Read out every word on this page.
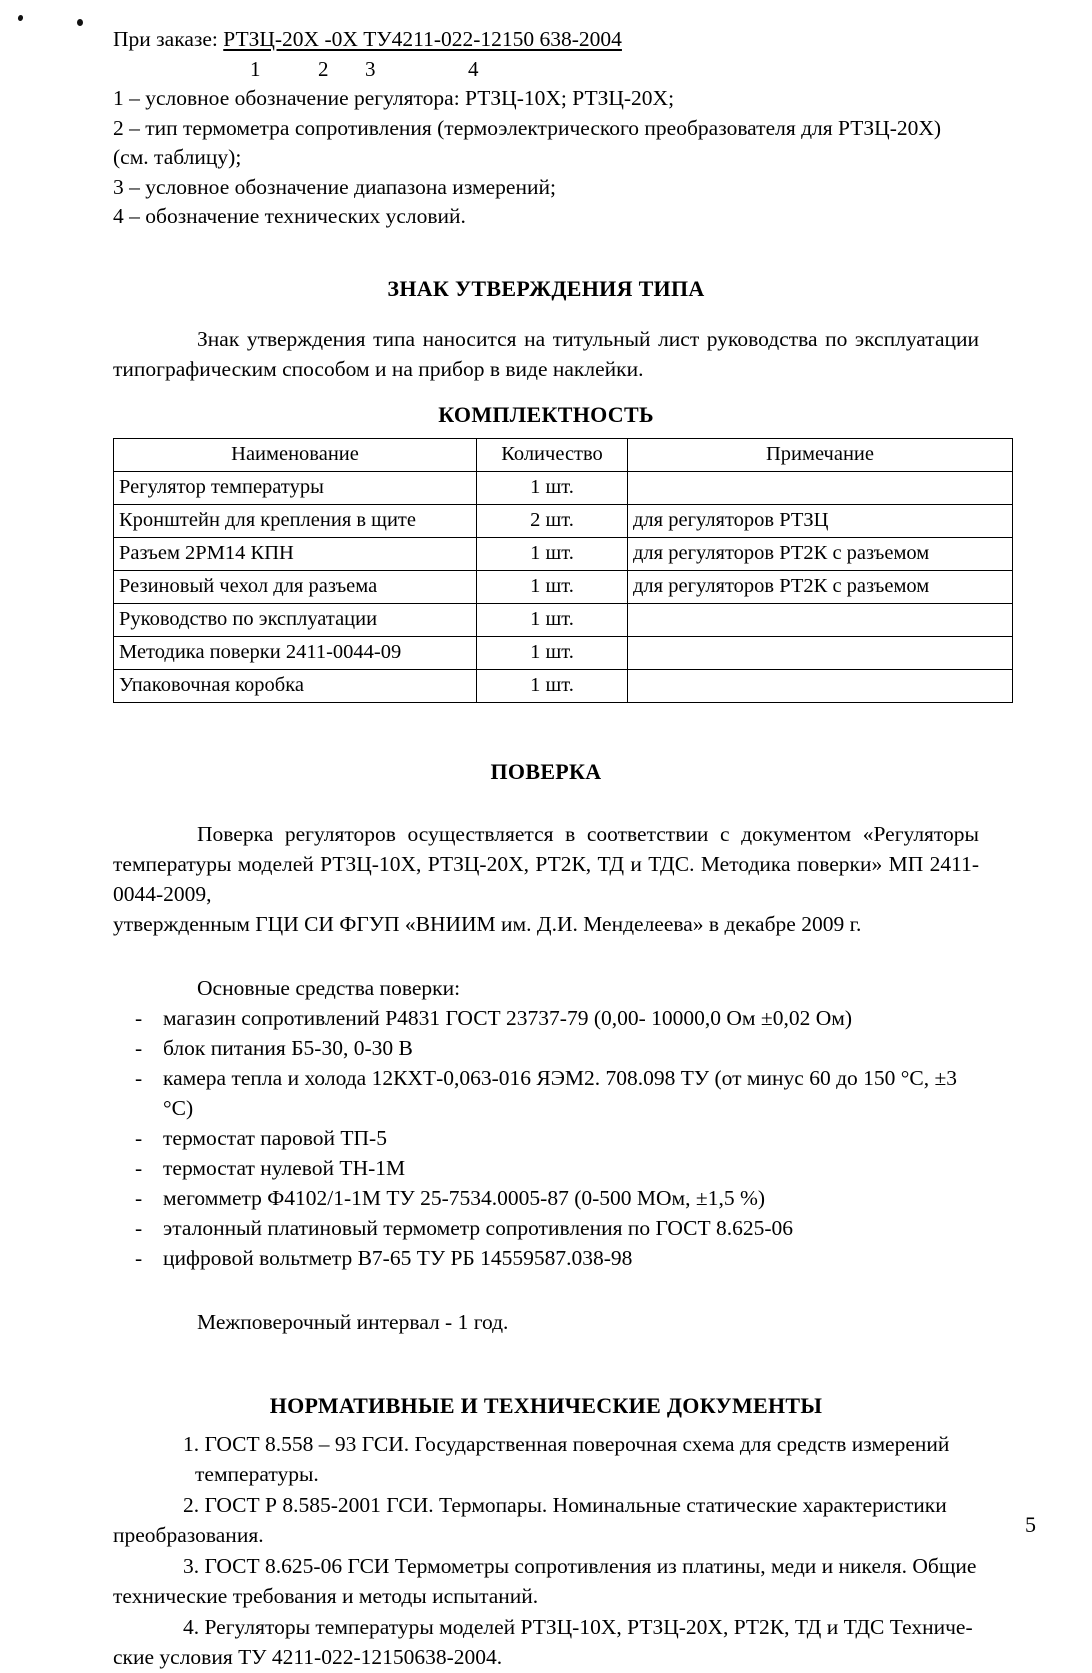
При заказе: РТЗЦ-20Х -0Х ТУ4211-022-12150 638-2004
1	2 3	4
1 – условное обозначение регулятора: РТЗЦ-10Х; РТЗЦ-20Х;
2 – тип термометра сопротивления (термоэлектрического преобразователя для РТЗЦ-20Х)
(см. таблицу);
3 – условное обозначение диапазона измерений;
4 – обозначение технических условий.
ЗНАК УТВЕРЖДЕНИЯ ТИПА

Знак утверждения типа наносится на титульный лист руководства по эксплуатации типографическим способом и на прибор в виде наклейки.

КОМПЛЕКТНОСТЬ
Наименование	Количество	Примечание
Регулятор температуры	1 шт.	
Кронштейн для крепления в щите	2 шт.	для регуляторов РТЗЦ
Разъем 2РМ14 КПН	1 шт.	для регуляторов РТ2К с разъемом
Резиновый чехол для разъема	1 шт.	для регуляторов РТ2К с разъемом
Руководство по эксплуатации	1 шт.	
Методика поверки 2411-0044-09	1 шт.	
Упаковочная коробка	1 шт.	
ПОВЕРКА

Поверка регуляторов осуществляется в соответствии с документом «Регуляторы температуры моделей РТЗЦ-10Х, РТЗЦ-20Х, РТ2К, ТД и ТДС. Методика поверки» МП 2411-0044-2009,

утвержденным ГЦИ СИ ФГУП «ВНИИМ им. Д.И. Менделеева» в декабре 2009 г.

Основные средства поверки:

- магазин сопротивлений Р4831 ГОСТ 23737-79 (0,00- 10000,0 Ом ±0,02 Ом)
- блок питания Б5-30, 0-30 В
- камера тепла и холода 12КХТ-0,063-016 ЯЭМ2. 708.098 ТУ (от минус 60 до 150 °С, ±3 °С)
- термостат паровой ТП-5
- термостат нулевой ТН-1М
- мегомметр Ф4102/1-1М ТУ 25-7534.0005-87 (0-500 МОм, ±1,5 %)
- эталонный платиновый термометр сопротивления по ГОСТ 8.625-06
- цифровой вольтметр В7-65 ТУ РБ 14559587.038-98

Межповерочный интервал - 1 год.

НОРМАТИВНЫЕ И ТЕХНИЧЕСКИЕ ДОКУМЕНТЫ
1. ГОСТ 8.558 – 93 ГСИ. Государственная поверочная схема для средств измерений
температуры.
2. ГОСТ Р 8.585-2001 ГСИ. Термопары. Номинальные статические характеристики
преобразования.
3. ГОСТ 8.625-06 ГСИ Термометры сопротивления из платины, меди и никеля. Общие
технические требования и методы испытаний.
4. Регуляторы температуры моделей РТЗЦ-10Х, РТЗЦ-20Х, РТ2К, ТД и ТДС Техниче-
ские условия ТУ 4211-022-12150638-2004.
5
